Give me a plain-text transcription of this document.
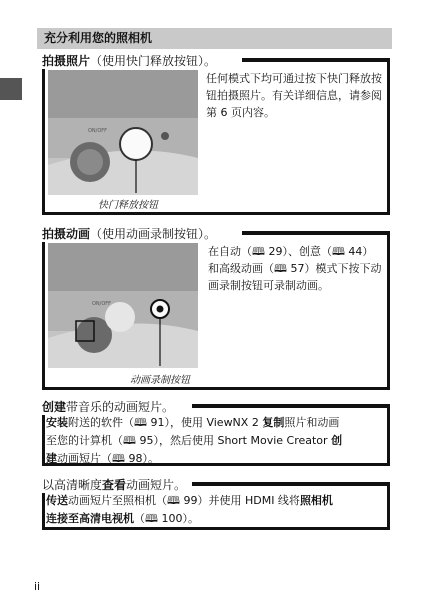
充分利用您的照相机
拍摄照片（使用快门释放按钮）。
任何模式下均可通过按下快门释放按钮拍摄照片。有关详细信息，请参阅第 6 页内容。
ON/OFF
快门释放按钮
拍摄动画（使用动画录制按钮）。
在自动（🕮 29）、创意（🕮 44）和高级动画（🕮 57）模式下按下动画录制按钮可录制动画。
ON/OFF
动画录制按钮
创建带音乐的动画短片。
安装附送的软件（🕮 91），使用 ViewNX 2 复制照片和动画
至您的计算机（🕮 95），然后使用 Short Movie Creator 创
建动画短片（🕮 98）。
以高清晰度查看动画短片。
传送动画短片至照相机（🕮 99）并使用 HDMI 线将照相机
连接至高清电视机（🕮 100）。
ii
